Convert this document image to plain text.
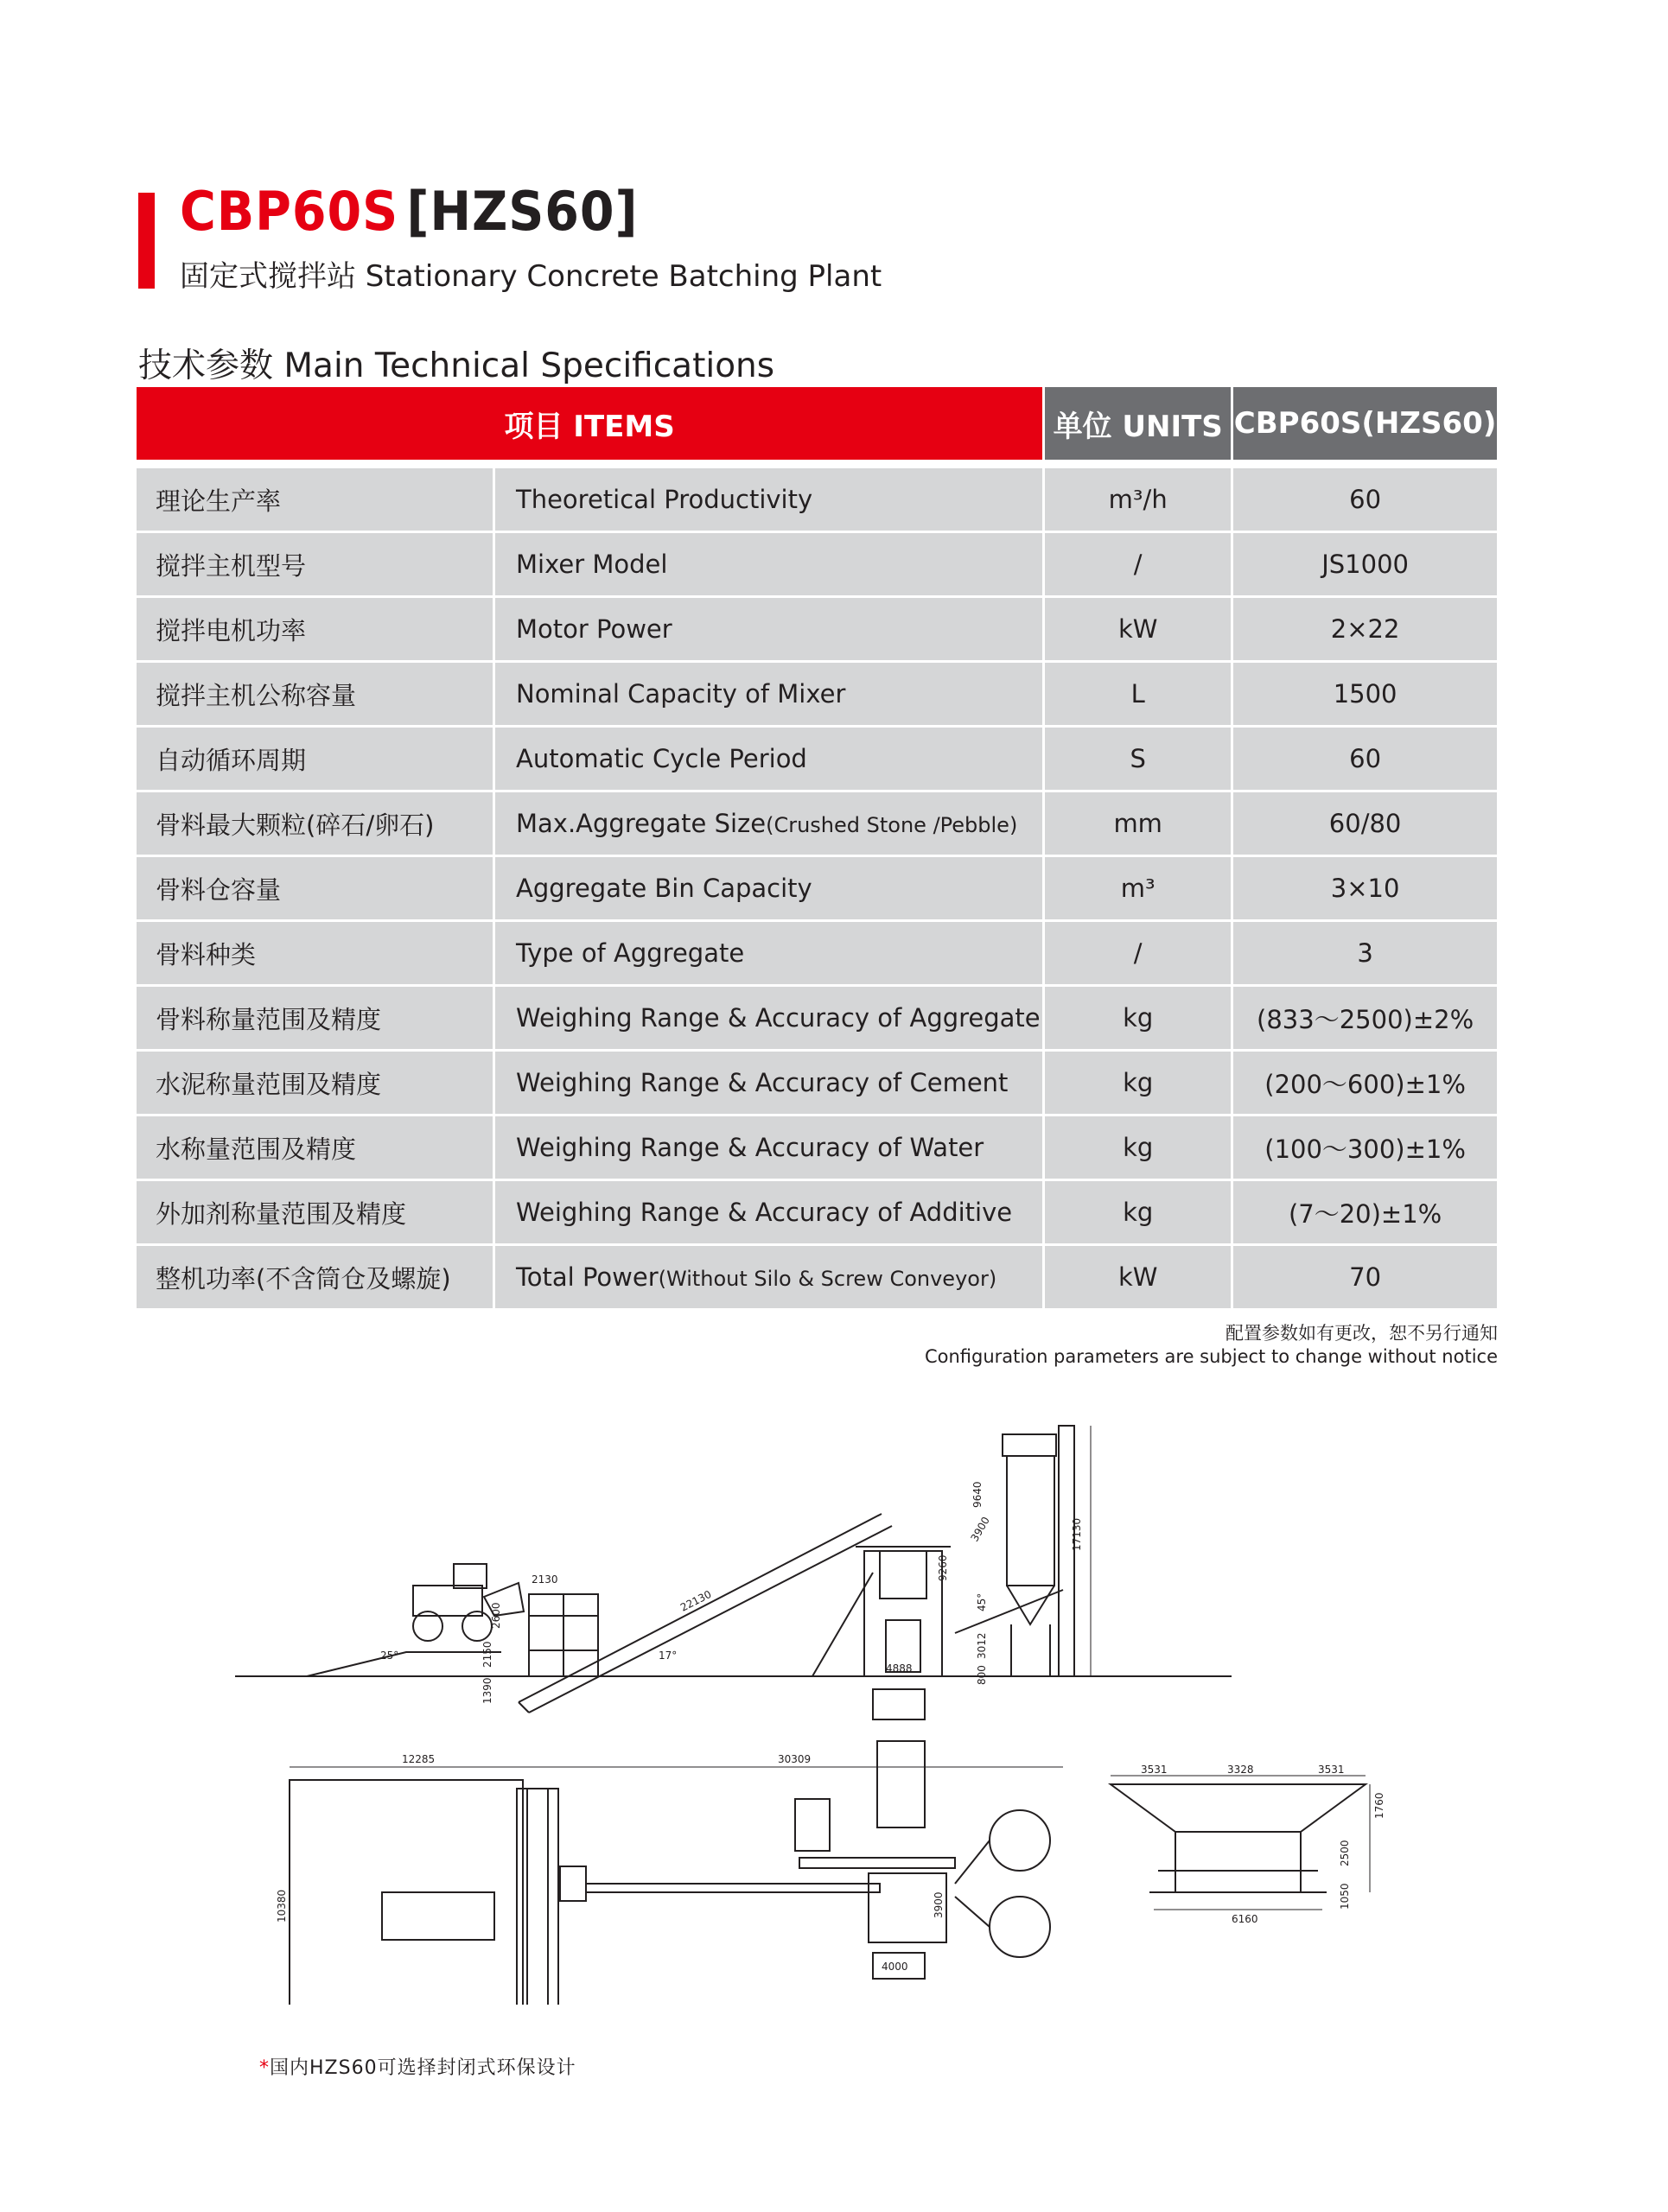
CBP60S [HZS60]
固定式搅拌站 Stationary Concrete Batching Plant
技术参数 Main Technical Specifications
项目 ITEMS		单位 UNITS	CBP60S(HZS60)

理论生产率	Theoretical Productivity	m³/h	60
搅拌主机型号	Mixer Model	/	JS1000
搅拌电机功率	Motor Power	kW	2×22
搅拌主机公称容量	Nominal Capacity of Mixer	L	1500
自动循环周期	Automatic Cycle Period	S	60
骨料最大颗粒(碎石/卵石)	Max.Aggregate Size(Crushed Stone /Pebble)	mm	60/80
骨料仓容量	Aggregate Bin Capacity	m³	3×10
骨料种类	Type of Aggregate	/	3
骨料称量范围及精度	Weighing Range & Accuracy of Aggregate	kg	(833～2500)±2%
水泥称量范围及精度	Weighing Range & Accuracy of Cement	kg	(200～600)±1%
水称量范围及精度	Weighing Range & Accuracy of Water	kg	(100～300)±1%
外加剂称量范围及精度	Weighing Range & Accuracy of Additive	kg	(7～20)±1%
整机功率(不含筒仓及螺旋)	Total Power(Without Silo & Screw Conveyor)	kW	70
配置参数如有更改，恕不另行通知
Configuration parameters are subject to change without notice
2130
2600
2150
22130
1390
4888
17°
25°
9640
9260
17130
3012
45°
3900
800
12285	30309
10380	3900
4000
3531	3328	3531
1760
2500
1050
6160
*国内HZS60可选择封闭式环保设计
